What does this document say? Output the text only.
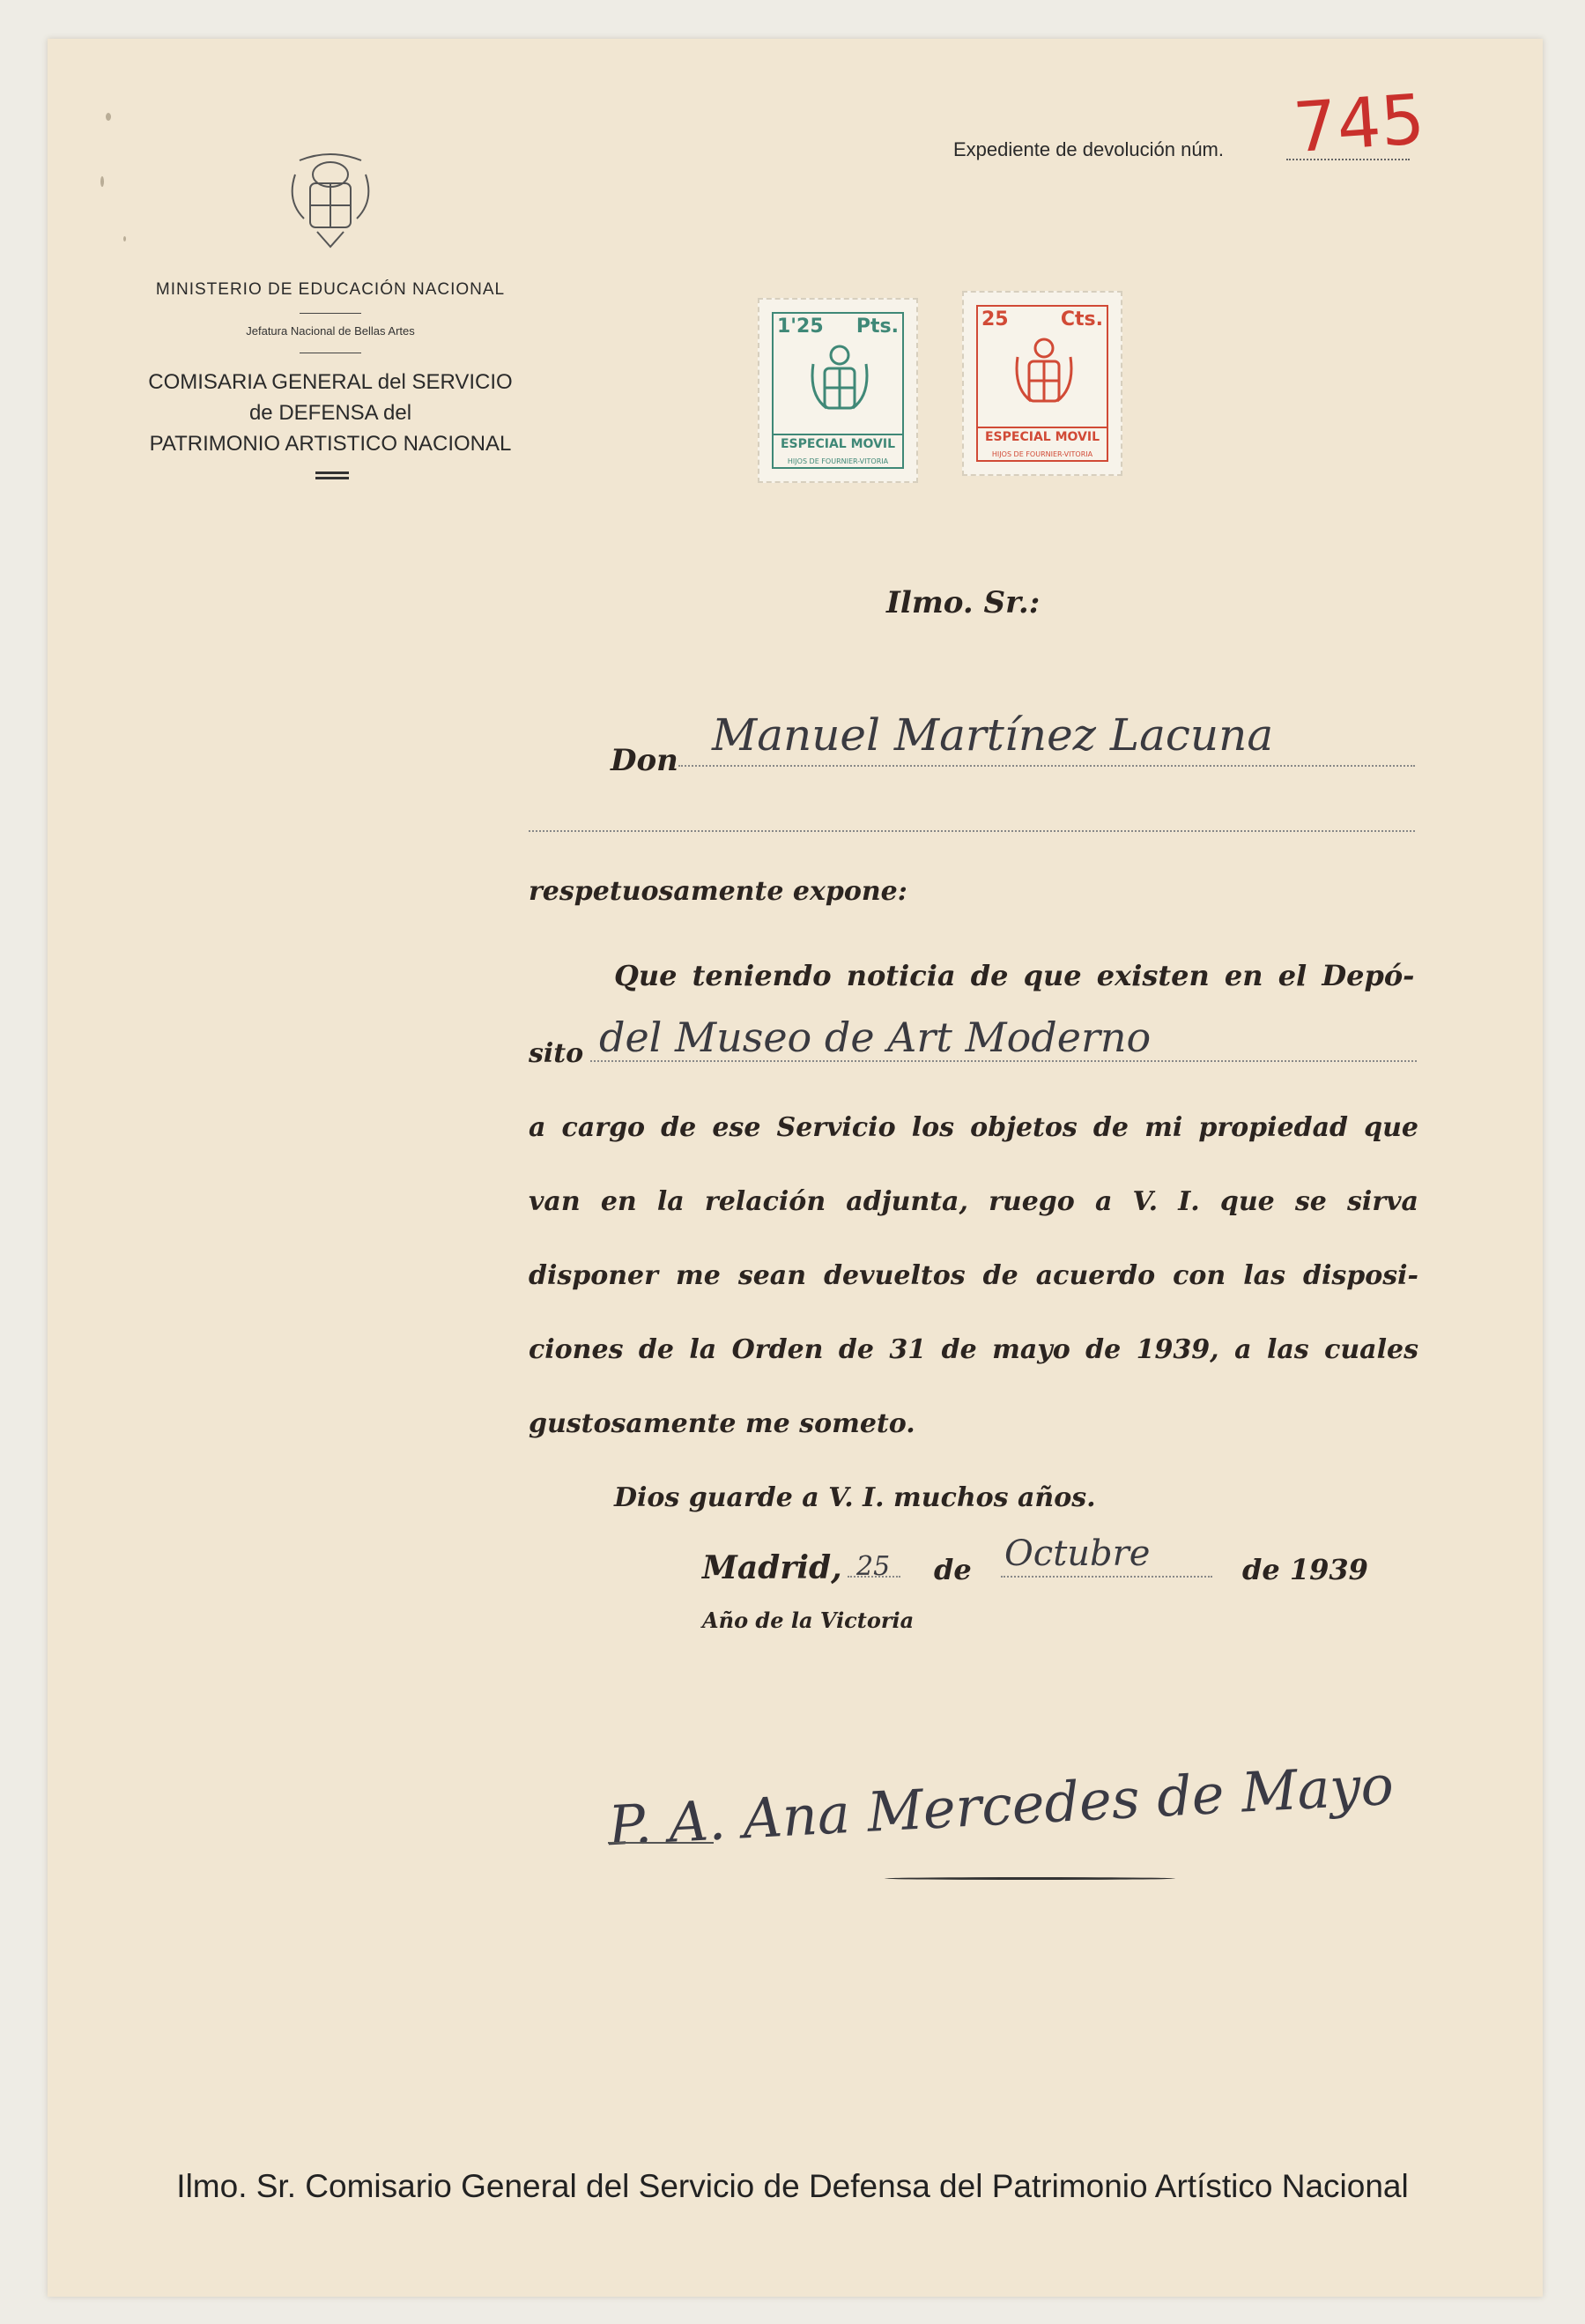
MINISTERIO DE EDUCACIÓN NACIONAL
Jefatura Nacional de Bellas Artes
COMISARIA GENERAL del SERVICIO
de DEFENSA del
PATRIMONIO ARTISTICO NACIONAL
Expediente de devolución núm. 745
1'25 Pts.
ESPECIAL MOVIL
HIJOS DE FOURNIER-VITORIA
25	Cts.
ESPECIAL MOVIL
HIJOS DE FOURNIER-VITORIA
Ilmo. Sr.:
Don Manuel Martínez Lacuna
respetuosamente expone:
Que teniendo noticia de que existen en el Depó-
sito del Museo de Art Moderno
a cargo de ese Servicio los objetos de mi propiedad que
van en la relación adjunta, ruego a V. I. que se sirva
disponer me sean devueltos de acuerdo con las disposi-
ciones de la Orden de 31 de mayo de 1939, a las cuales
gustosamente me someto.
Dios guarde a V. I. muchos años.
Madrid, 25 de Octubre	de 1939
Año de la Victoria
P. A. Ana Mercedes de Mayo
Ilmo. Sr. Comisario General del Servicio de Defensa del Patrimonio Artístico Nacional
